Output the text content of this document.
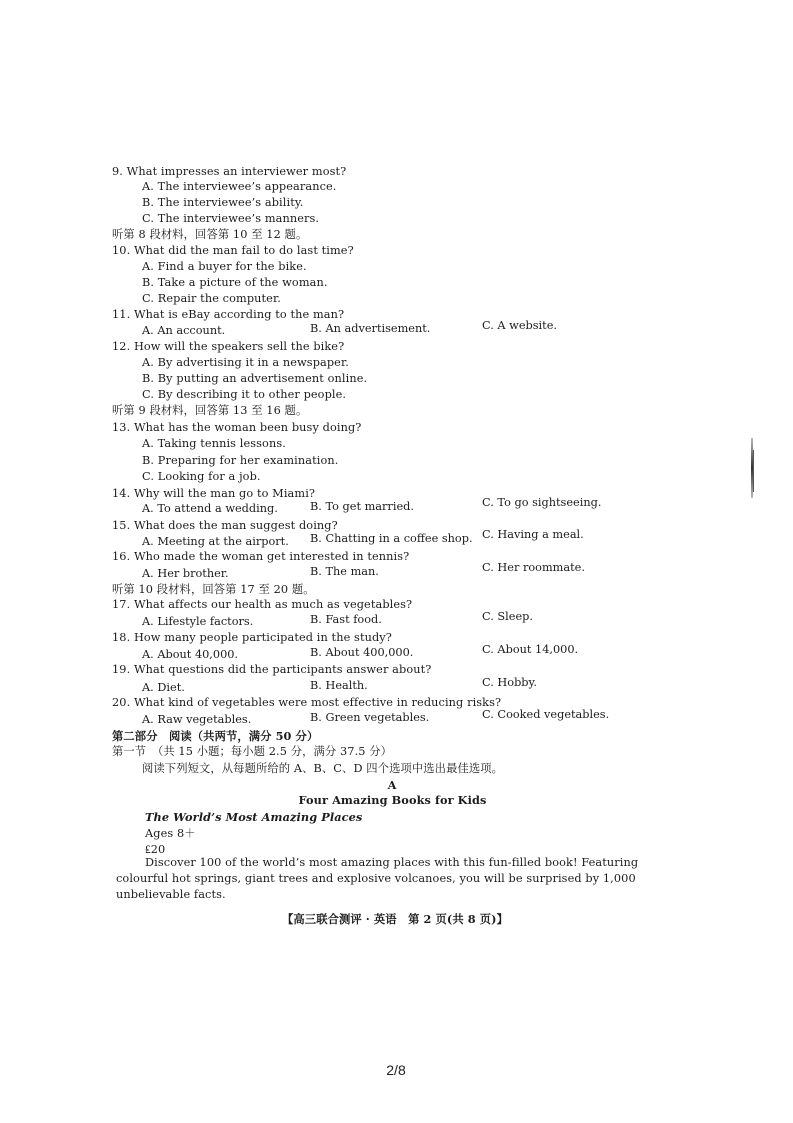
9. What impresses an interviewer most?
A. The interviewee’s appearance.
B. The interviewee’s ability.
C. The interviewee’s manners.
听第 8 段材料，回答第 10 至 12 题。
10. What did the man fail to do last time?
A. Find a buyer for the bike.
B. Take a picture of the woman.
C. Repair the computer.
11. What is eBay according to the man?
A. An account.	B. An advertisement.	C. A website.
12. How will the speakers sell the bike?
A. By advertising it in a newspaper.
B. By putting an advertisement online.
C. By describing it to other people.
听第 9 段材料，回答第 13 至 16 题。
13. What has the woman been busy doing?
A. Taking tennis lessons.
B. Preparing for her examination.
C. Looking for a job.
14. Why will the man go to Miami?
A. To attend a wedding.	B. To get married.	C. To go sightseeing.
15. What does the man suggest doing?
A. Meeting at the airport. B. Chatting in a coffee shop. C. Having a meal.
16. Who made the woman get interested in tennis?
A. Her brother.	B. The man.	C. Her roommate.
听第 10 段材料，回答第 17 至 20 题。
17. What affects our health as much as vegetables?
A. Lifestyle factors.	B. Fast food.	C. Sleep.
18. How many people participated in the study?
A. About 40,000.	B. About 400,000.	C. About 14,000.
19. What questions did the participants answer about?
A. Diet.	B. Health.	C. Hobby.
20. What kind of vegetables were most effective in reducing risks?
A. Raw vegetables.	B. Green vegetables.	C. Cooked vegetables.
第二部分　阅读（共两节，满分 50 分）
第一节　（共 15 小题；每小题 2.5 分，满分 37.5 分）
阅读下列短文，从每题所给的 A、B、C、D 四个选项中选出最佳选项。
A
Four Amazing Books for Kids
The World’s Most Amazing Places
Ages 8＋
₤20
Discover 100 of the world’s most amazing places with this fun-filled book! Featuring
colourful hot springs, giant trees and explosive volcanoes, you will be surprised by 1,000
unbelievable facts.
【高三联合测评 · 英语　第 2 页(共 8 页)】
2/8
